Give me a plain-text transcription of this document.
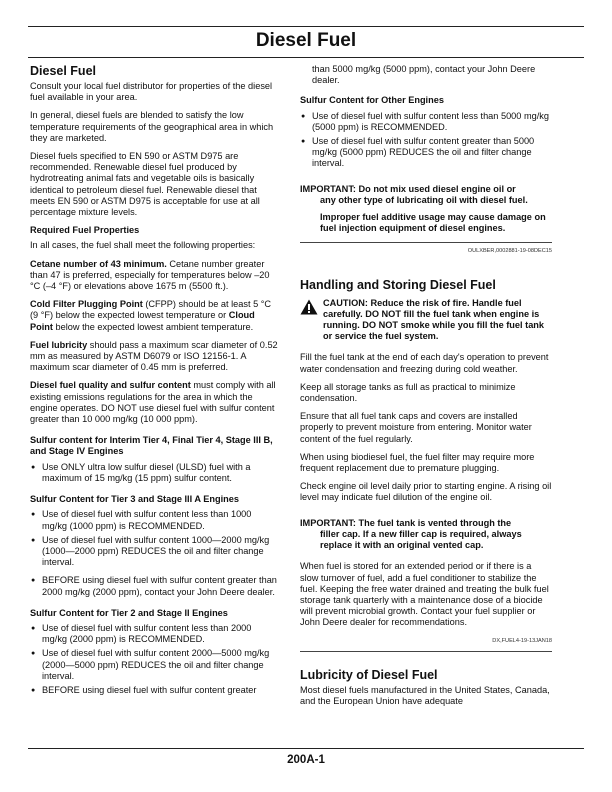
Diesel Fuel
Diesel Fuel

Consult your local fuel distributor for properties of the diesel fuel available in your area.

In general, diesel fuels are blended to satisfy the low temperature requirements of the geographical area in which they are marketed.

Diesel fuels specified to EN 590 or ASTM D975 are recommended. Renewable diesel fuel produced by hydrotreating animal fats and vegetable oils is basically identical to petroleum diesel fuel. Renewable diesel that meets EN 590 or ASTM D975 is acceptable for use at all percentage mixture levels.

Required Fuel Properties

In all cases, the fuel shall meet the following properties:

Cetane number of 43 minimum. Cetane number greater than 47 is preferred, especially for temperatures below –20 °C (–4 °F) or elevations above 1675 m (5500 ft.).

Cold Filter Plugging Point (CFPP) should be at least 5 °C (9 °F) below the expected lowest temperature or Cloud Point below the expected lowest ambient temperature.

Fuel lubricity should pass a maximum scar diameter of 0.52 mm as measured by ASTM D6079 or ISO 12156-1. A maximum scar diameter of 0.45 mm is preferred.

Diesel fuel quality and sulfur content must comply with all existing emissions regulations for the area in which the engine operates. DO NOT use diesel fuel with sulfur content greater than 10 000 mg/kg (10 000 ppm).

Sulfur content for Interim Tier 4, Final Tier 4, Stage III B, and Stage IV Engines
● Use ONLY ultra low sulfur diesel (ULSD) fuel with a maximum of 15 mg/kg (15 ppm) sulfur content.
Sulfur Content for Tier 3 and Stage III A Engines
● Use of diesel fuel with sulfur content less than 1000 mg/kg (1000 ppm) is RECOMMENDED.
● Use of diesel fuel with sulfur content 1000—2000 mg/kg (1000—2000 ppm) REDUCES the oil and filter change interval.
● BEFORE using diesel fuel with sulfur content greater than 2000 mg/kg (2000 ppm), contact your John Deere dealer.
Sulfur Content for Tier 2 and Stage II Engines
● Use of diesel fuel with sulfur content less than 2000 mg/kg (2000 ppm) is RECOMMENDED.
● Use of diesel fuel with sulfur content 2000—5000 mg/kg (2000—5000 ppm) REDUCES the oil and filter change interval.
● BEFORE using diesel fuel with sulfur content greater

than 5000 mg/kg (5000 ppm), contact your John Deere dealer.

Sulfur Content for Other Engines
● Use of diesel fuel with sulfur content less than 5000 mg/kg (5000 ppm) is RECOMMENDED.
● Use of diesel fuel with sulfur content greater than 5000 mg/kg (5000 ppm) REDUCES the oil and filter change interval.
IMPORTANT: Do not mix used diesel engine oil or
any other type of lubricating oil with diesel fuel.
Improper fuel additive usage may cause damage on fuel injection equipment of diesel engines.
OULXBER,0002881-19-08DEC15
Handling and Storing Diesel Fuel
CAUTION: Reduce the risk of fire. Handle fuel carefully. DO NOT fill the fuel tank when engine is running. DO NOT smoke while you fill the fuel tank or service the fuel system.

Fill the fuel tank at the end of each day's operation to prevent water condensation and freezing during cold weather.

Keep all storage tanks as full as practical to minimize condensation.

Ensure that all fuel tank caps and covers are installed properly to prevent moisture from entering. Monitor water content of the fuel regularly.

When using biodiesel fuel, the fuel filter may require more frequent replacement due to premature plugging.

Check engine oil level daily prior to starting engine. A rising oil level may indicate fuel dilution of the engine oil.

IMPORTANT: The fuel tank is vented through the
filler cap. If a new filler cap is required, always replace it with an original vented cap.

When fuel is stored for an extended period or if there is a slow turnover of fuel, add a fuel conditioner to stabilize the fuel. Keeping the free water drained and treating the bulk fuel storage tank quarterly with a maintenance dose of a biocide will prevent microbial growth. Contact your fuel supplier or John Deere dealer for recommendations.

DX,FUEL4-19-13JAN18
Lubricity of Diesel Fuel

Most diesel fuels manufactured in the United States, Canada, and the European Union have adequate

200A-1
